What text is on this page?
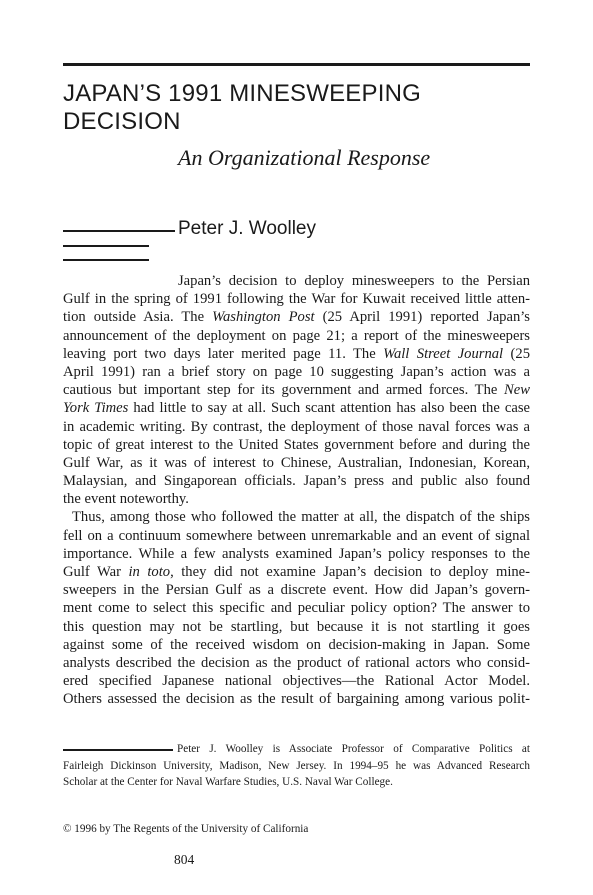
JAPAN’S 1991 MINESWEEPING
DECISION

An Organizational Response

Peter J. Woolley

Japan’s decision to deploy minesweepers to the Persian
Gulf in the spring of 1991 following the War for Kuwait received little atten-
tion outside Asia. The Washington Post (25 April 1991) reported Japan’s
announcement of the deployment on page 21; a report of the minesweepers
leaving port two days later merited page 11. The Wall Street Journal (25
April 1991) ran a brief story on page 10 suggesting Japan’s action was a
cautious but important step for its government and armed forces. The New
York Times had little to say at all. Such scant attention has also been the case
in academic writing. By contrast, the deployment of those naval forces was a
topic of great interest to the United States government before and during the
Gulf War, as it was of interest to Chinese, Australian, Indonesian, Korean,
Malaysian, and Singaporean officials. Japan’s press and public also found
the event noteworthy.
Thus, among those who followed the matter at all, the dispatch of the ships
fell on a continuum somewhere between unremarkable and an event of signal
importance. While a few analysts examined Japan’s policy responses to the
Gulf War in toto, they did not examine Japan’s decision to deploy mine-
sweepers in the Persian Gulf as a discrete event. How did Japan’s govern-
ment come to select this specific and peculiar policy option? The answer to
this question may not be startling, but because it is not startling it goes
against some of the received wisdom on decision-making in Japan. Some
analysts described the decision as the product of rational actors who consid-
ered specified Japanese national objectives—the Rational Actor Model.
Others assessed the decision as the result of bargaining among various polit-
Peter J. Woolley is Associate Professor of Comparative Politics at
Fairleigh Dickinson University, Madison, New Jersey. In 1994–95 he was Advanced Research
Scholar at the Center for Naval Warfare Studies, U.S. Naval War College.
© 1996 by The Regents of the University of California
804
